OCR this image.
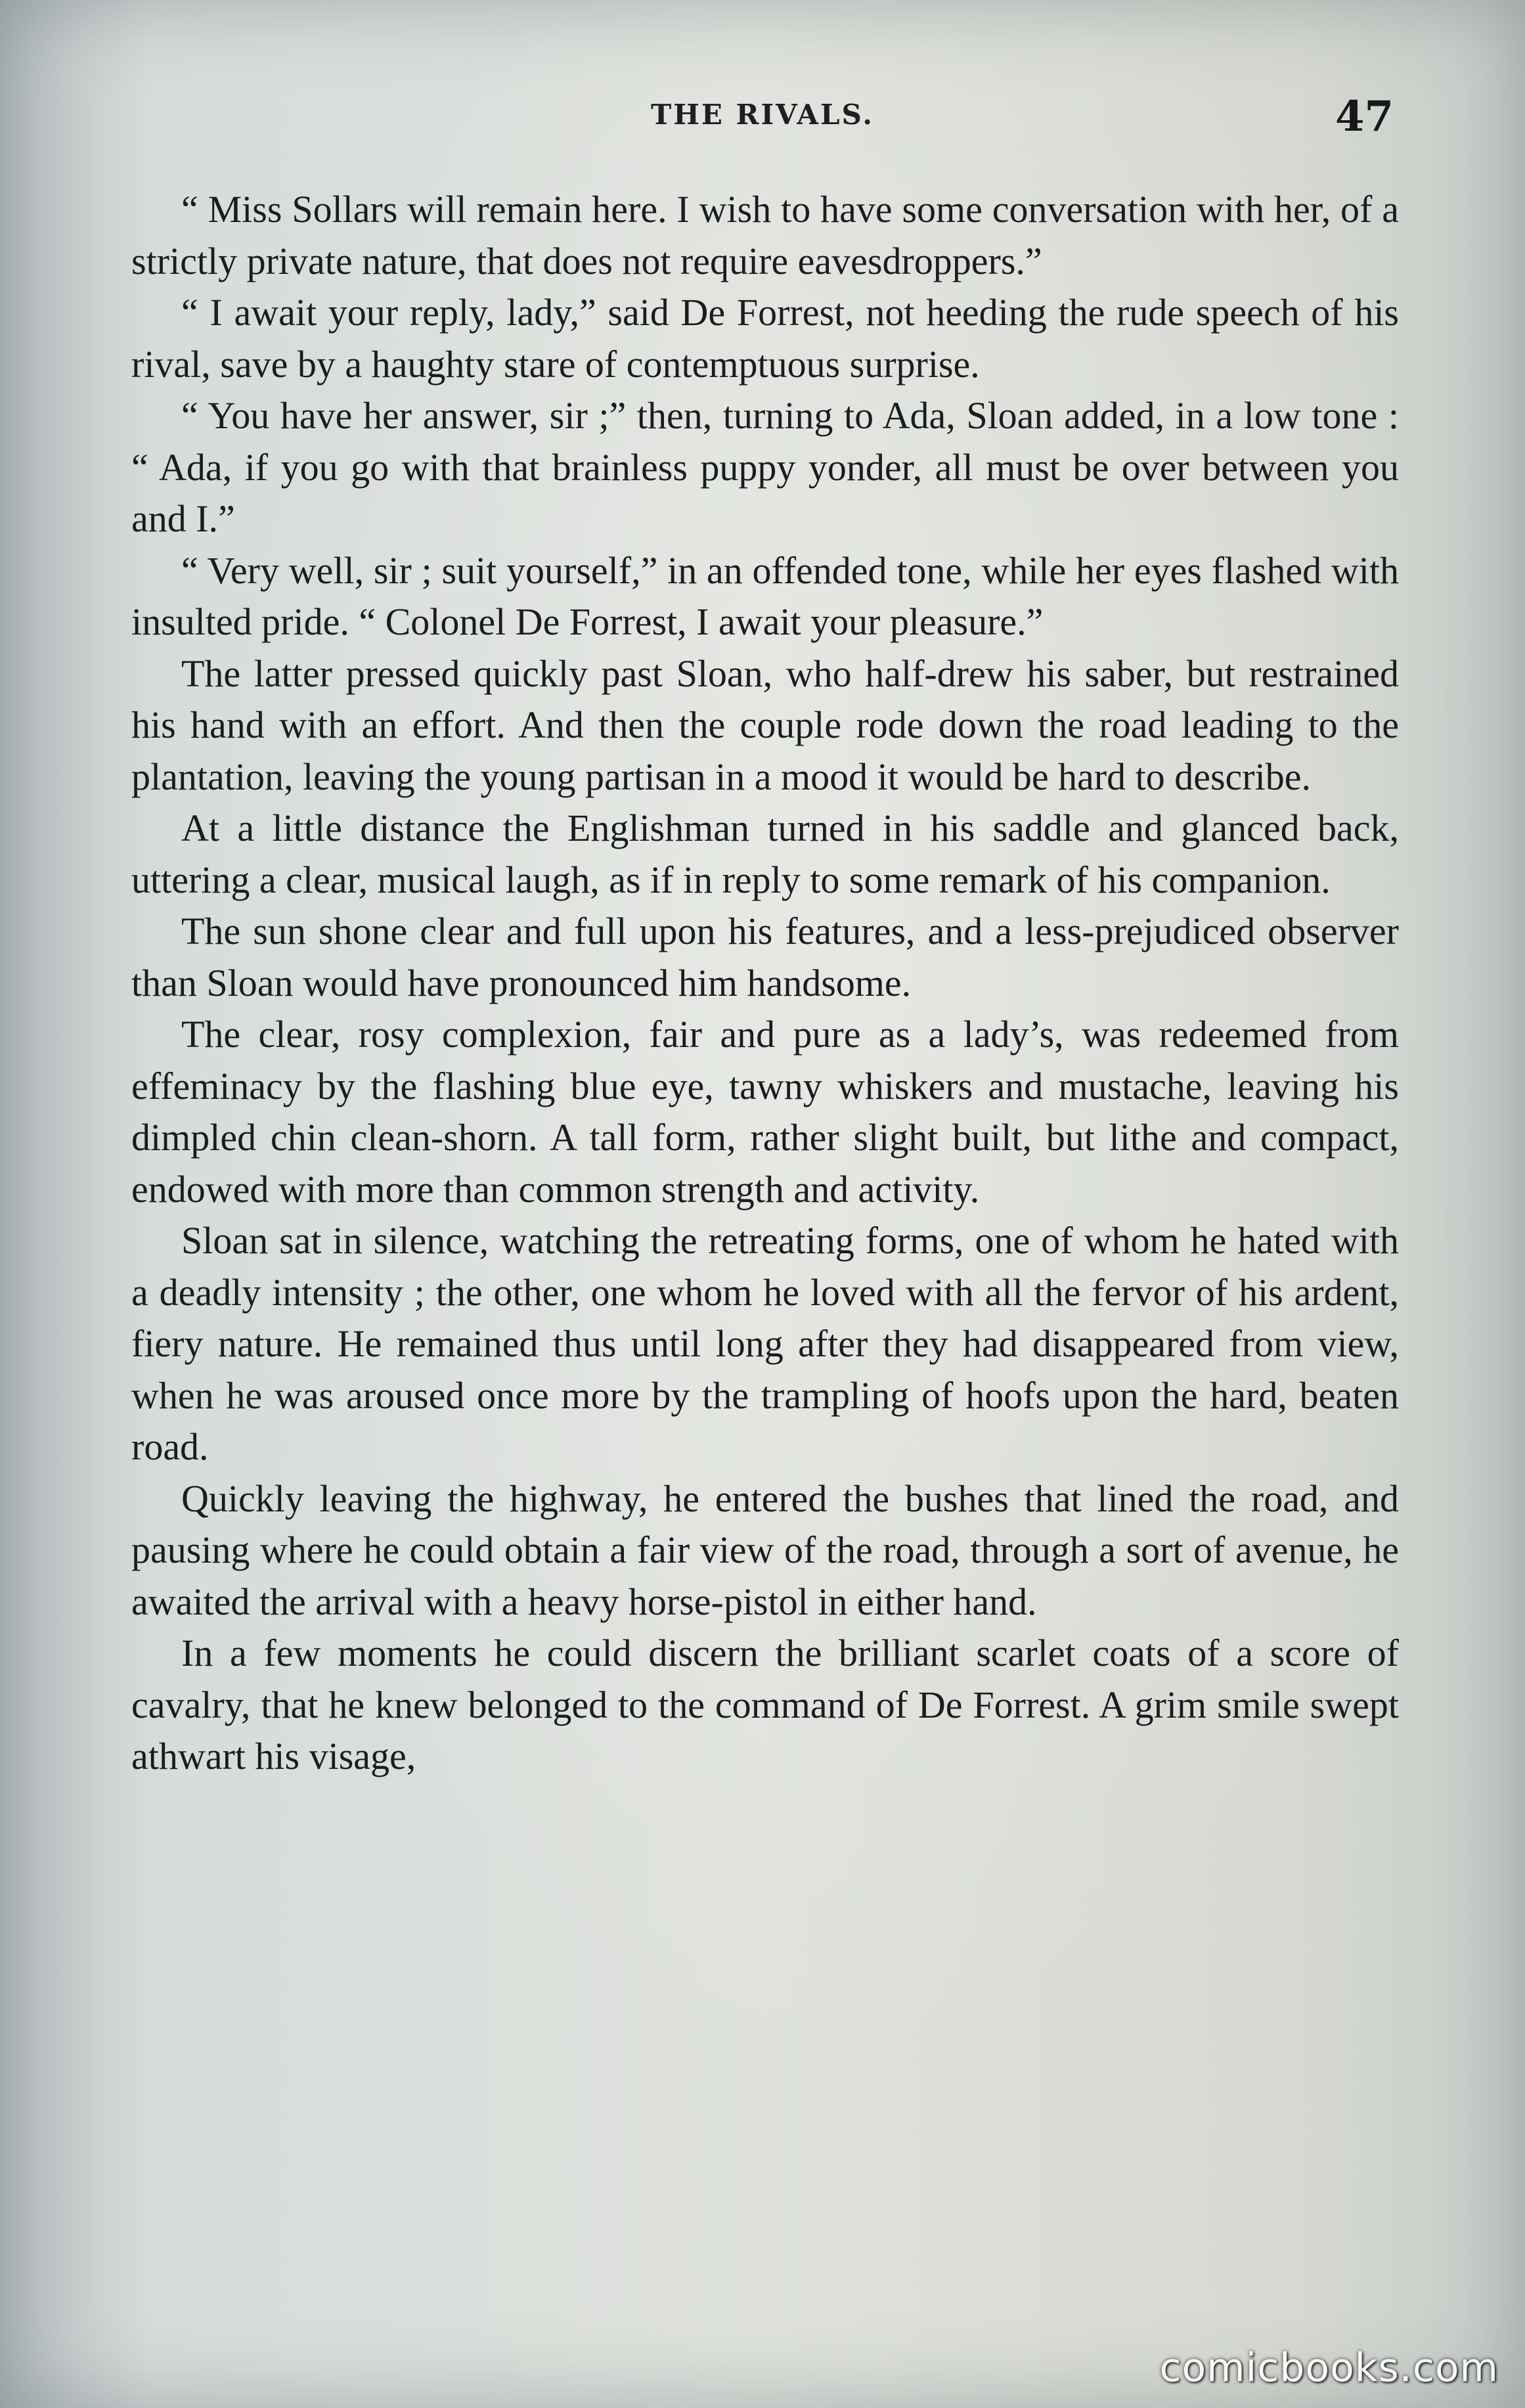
THE RIVALS.	47

“ Miss Sollars will remain here. I wish to have some conversation with her, of a strictly private nature, that does not require eavesdroppers.”

“ I await your reply, lady,” said De Forrest, not heeding the rude speech of his rival, save by a haughty stare of contemptuous surprise.

“ You have her answer, sir ;” then, turning to Ada, Sloan added, in a low tone : “ Ada, if you go with that brainless puppy yonder, all must be over between you and I.”

“ Very well, sir ; suit yourself,” in an offended tone, while her eyes flashed with insulted pride. “ Colonel De Forrest, I await your pleasure.”

The latter pressed quickly past Sloan, who half-drew his saber, but restrained his hand with an effort. And then the couple rode down the road leading to the plantation, leaving the young partisan in a mood it would be hard to describe.

At a little distance the Englishman turned in his saddle and glanced back, uttering a clear, musical laugh, as if in reply to some remark of his companion.

The sun shone clear and full upon his features, and a less-prejudiced observer than Sloan would have pronounced him handsome.

The clear, rosy complexion, fair and pure as a lady’s, was redeemed from effeminacy by the flashing blue eye, tawny whiskers and mustache, leaving his dimpled chin clean-shorn. A tall form, rather slight built, but lithe and compact, endowed with more than common strength and activity.

Sloan sat in silence, watching the retreating forms, one of whom he hated with a deadly intensity ; the other, one whom he loved with all the fervor of his ardent, fiery nature. He remained thus until long after they had disappeared from view, when he was aroused once more by the trampling of hoofs upon the hard, beaten road.

Quickly leaving the highway, he entered the bushes that lined the road, and pausing where he could obtain a fair view of the road, through a sort of avenue, he awaited the arrival with a heavy horse-pistol in either hand.

In a few moments he could discern the brilliant scarlet coats of a score of cavalry, that he knew belonged to the command of De Forrest. A grim smile swept athwart his visage,

comicbooks.com
